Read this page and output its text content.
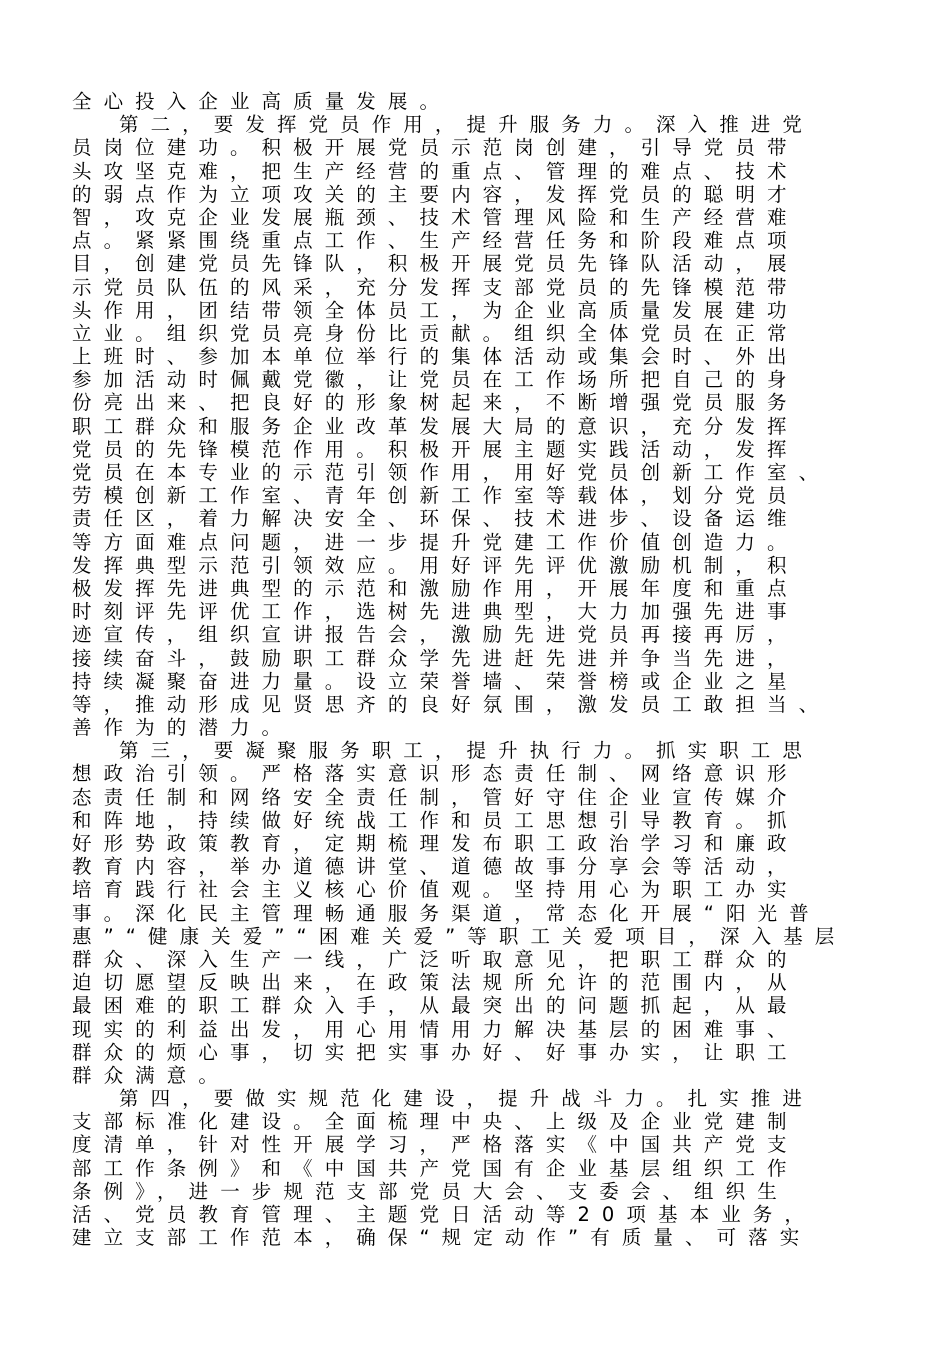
全心投入企业高质量发展。
第二，要发挥党员作用，提升服务力。深入推进党
员岗位建功。积极开展党员示范岗创建，引导党员带
头攻坚克难，把生产经营的重点、管理的难点、技术
的弱点作为立项攻关的主要内容，发挥党员的聪明才
智，攻克企业发展瓶颈、技术管理风险和生产经营难
点。紧紧围绕重点工作、生产经营任务和阶段难点项
目，创建党员先锋队，积极开展党员先锋队活动，展
示党员队伍的风采，充分发挥支部党员的先锋模范带
头作用，团结带领全体员工，为企业高质量发展建功
立业。组织党员亮身份比贡献。组织全体党员在正常
上班时、参加本单位举行的集体活动或集会时、外出
参加活动时佩戴党徽，让党员在工作场所把自己的身
份亮出来、把良好的形象树起来，不断增强党员服务
职工群众和服务企业改革发展大局的意识，充分发挥
党员的先锋模范作用。积极开展主题实践活动，发挥
党员在本专业的示范引领作用，用好党员创新工作室、
劳模创新工作室、青年创新工作室等载体，划分党员
责任区，着力解决安全、环保、技术进步、设备运维
等方面难点问题，进一步提升党建工作价值创造力。
发挥典型示范引领效应。用好评先评优激励机制，积
极发挥先进典型的示范和激励作用，开展年度和重点
时刻评先评优工作，选树先进典型，大力加强先进事
迹宣传，组织宣讲报告会，激励先进党员再接再厉，
接续奋斗，鼓励职工群众学先进赶先进并争当先进，
持续凝聚奋进力量。设立荣誉墙、荣誉榜或企业之星
等，推动形成见贤思齐的良好氛围，激发员工敢担当、
善作为的潜力。
第三，要凝聚服务职工，提升执行力。抓实职工思
想政治引领。严格落实意识形态责任制、网络意识形
态责任制和网络安全责任制，管好守住企业宣传媒介
和阵地，持续做好统战工作和员工思想引导教育。抓
好形势政策教育，定期梳理发布职工政治学习和廉政
教育内容，举办道德讲堂、道德故事分享会等活动，
培育践行社会主义核心价值观。坚持用心为职工办实
事。深化民主管理畅通服务渠道，常态化开展“阳光普
惠”“健康关爱”“困难关爱”等职工关爱项目，深入基层
群众、深入生产一线，广泛听取意见，把职工群众的
迫切愿望反映出来，在政策法规所允许的范围内，从
最困难的职工群众入手，从最突出的问题抓起，从最
现实的利益出发，用心用情用力解决基层的困难事、
群众的烦心事，切实把实事办好、好事办实，让职工
群众满意。
第四，要做实规范化建设，提升战斗力。扎实推进
支部标准化建设。全面梳理中央、上级及企业党建制
度清单，针对性开展学习，严格落实《中国共产党支
部工作条例》和《中国共产党国有企业基层组织工作
条例》，进一步规范支部党员大会、支委会、组织生
活、党员教育管理、主题党日活动等20项基本业务，
建立支部工作范本，确保“规定动作”有质量、可落实
